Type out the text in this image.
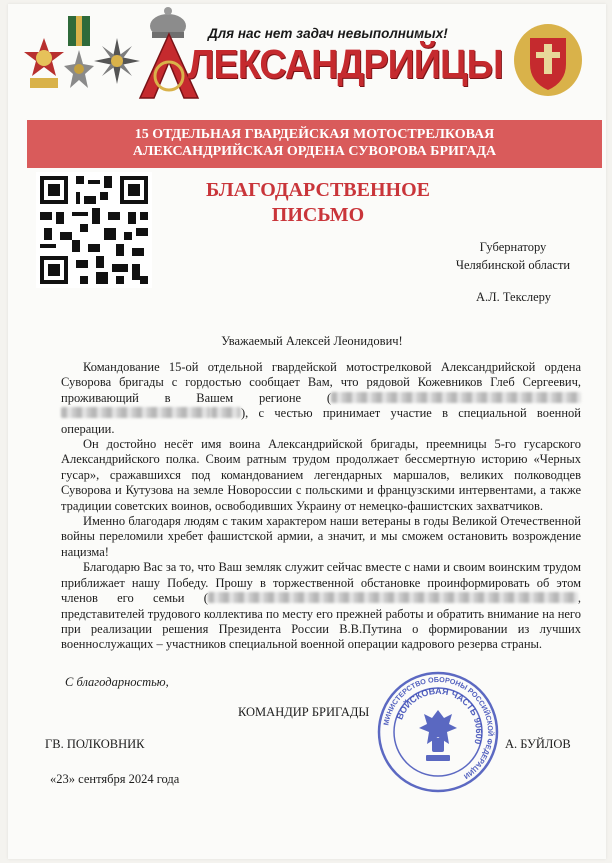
Для нас нет задач невыполнимых!
ЛЕКСАНДРИЙЦЫ
15 ОТДЕЛЬНАЯ ГВАРДЕЙСКАЯ МОТОСТРЕЛКОВАЯ
АЛЕКСАНДРИЙСКАЯ ОРДЕНА СУВОРОВА БРИГАДА
БЛАГОДАРСТВЕННОЕ
ПИСЬМО
Губернатору
Челябинской области
А.Л. Текслеру
Уважаемый Алексей Леонидович!

Командование 15-ой отдельной гвардейской мотострелковой Александрийской ордена Суворова бригады с гордостью сообщает Вам, что рядовой Кожевников Глеб Сергеевич, проживающий в Вашем регионе ( ), с честью принимает участие в специальной военной операции.

Он достойно несёт имя воина Александрийской бригады, преемницы 5-го гусарского Александрийского полка. Своим ратным трудом продолжает бессмертную историю «Черных гусар», сражавшихся под командованием легендарных маршалов, великих полководцев Суворова и Кутузова на земле Новороссии с польскими и французскими интервентами, а также традиции советских воинов, освободивших Украину от немецко-фашистских захватчиков.

Именно благодаря людям с таким характером наши ветераны в годы Великой Отечественной войны переломили хребет фашистской армии, а значит, и мы сможем остановить возрождение нацизма!

Благодарю Вас за то, что Ваш земляк служит сейчас вместе с нами и своим воинским трудом приближает нашу Победу. Прошу в торжественной обстановке проинформировать об этом членов его семьи (	, представителей трудового коллектива по месту его прежней работы и обратить внимание на него при реализации решения Президента России В.В.Путина о формировании из лучших военнослужащих – участников специальной военной операции кадрового резерва страны.

С благодарностью,
КОМАНДИР БРИГАДЫ
ГВ. ПОЛКОВНИК	А. БУЙЛОВ
«23» сентября 2024 года
МИНИСТЕРСТВО ОБОРОНЫ РОССИЙСКОЙ ФЕДЕРАЦИИ
ВОЙСКОВАЯ ЧАСТЬ 90600
